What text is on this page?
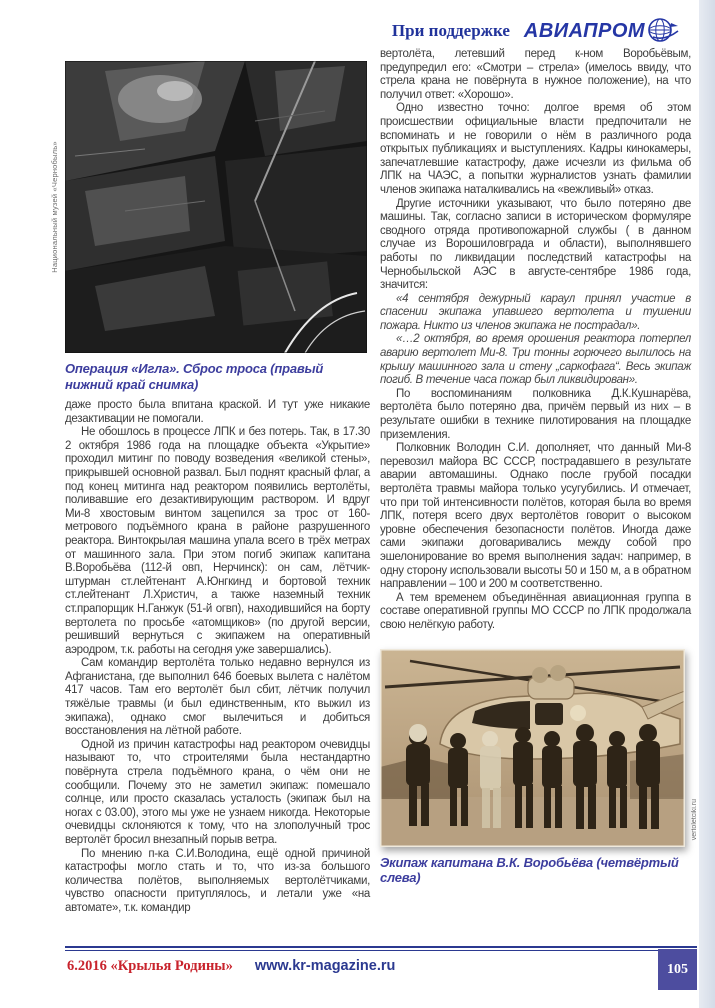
При поддержке АВИАПРОМ
Национальный музей «Чернобыль»

Операция «Игла». Сброс троса (правый нижний край снимка)

даже просто была впитана краской. И тут уже никакие дезактивации не помогали.

Не обошлось в процессе ЛПК и без потерь. Так, в 17.30 2 октября 1986 года на площадке объекта «Укрытие» проходил митинг по поводу возведения «великой стены», прикрывшей основной развал. Был поднят красный флаг, а под конец митинга над реактором появились вертолёты, поливавшие его дезактивирующим раствором. И вдруг Ми-8 хвостовым винтом зацепился за трос от 160- метрового подъёмного крана в районе разрушенного реактора. Винтокрылая машина упала всего в трёх метрах от машинного зала. При этом погиб экипаж капитана В.Воробьёва (112-й овп, Нерчинск): он сам, лётчик-штурман ст.лейтенант А.Юнгкинд и бортовой техник ст.лейтенант Л.Христич, а также наземный техник ст.прапорщик Н.Ганжук (51-й огвп), находившийся на борту вертолета по просьбе «атомщиков» (по другой версии, решивший вернуться с экипажем на оперативный аэродром, т.к. работы на сегодня уже завершались).

Сам командир вертолёта только недавно вернулся из Афганистана, где выполнил 646 боевых вылета с налётом 417 часов. Там его вертолёт был сбит, лётчик получил тяжёлые травмы (и был единственным, кто выжил из экипажа), однако смог вылечиться и добиться восстановления на лётной работе.

Одной из причин катастрофы над реактором очевидцы называют то, что строителями была нестандартно повёрнута стрела подъёмного крана, о чём они не сообщили. Почему это не заметил экипаж: помешало солнце, или просто сказалась усталость (экипаж был на ногах с 03.00), этого мы уже не узнаем никогда. Некоторые очевидцы склоняются к тому, что на злополучный трос вертолёт бросил внезапный порыв ветра.

По мнению п-ка С.И.Володина, ещё одной причиной катастрофы могло стать и то, что из-за большого количества полётов, выполняемых вертолётчиками, чувство опасности притуплялось, и летали уже «на автомате», т.к. командир

вертолёта, летевший перед к-ном Воробьёвым, предупредил его: «Смотри – стрела» (имелось ввиду, что стрела крана не повёрнута в нужное положение), на что получил ответ: «Хорошо».

Одно известно точно: долгое время об этом происшествии официальные власти предпочитали не вспоминать и не говорили о нём в различного рода открытых публикациях и выступлениях. Кадры кинокамеры, запечатлевшие катастрофу, даже исчезли из фильма об ЛПК на ЧАЭС, а попытки журналистов узнать фамилии членов экипажа наталкивались на «вежливый» отказ.

Другие источники указывают, что было потеряно две машины. Так, согласно записи в историческом формуляре сводного отряда противопожарной службы ( в данном случае из Ворошиловграда и области), выполнявшего работы по ликвидации последствий катастрофы на Чернобыльской АЭС в августе-сентябре 1986 года, значится:

«4 сентября дежурный караул принял участие в спасении экипажа упавшего вертолета и тушении пожара. Никто из членов экипажа не пострадал».

«…2 октября, во время орошения реактора потерпел аварию вертолет Ми-8. Три тонны горючего вылилось на крышу машинного зала и стену „саркофага“. Весь экипаж погиб. В течение часа пожар был ликвидирован».

По воспоминаниям полковника Д.К.Кушнарёва, вертолёта было потеряно два, причём первый из них – в результате ошибки в технике пилотирования на площадке приземления.

Полковник Володин С.И. дополняет, что данный Ми-8 перевозил майора ВС СССР, пострадавшего в результате аварии автомашины. Однако после грубой посадки вертолёта травмы майора только усугубились. И отмечает, что при той интенсивности полётов, которая была во время ЛПК, потеря всего двух вертолётов говорит о высоком уровне обеспечения безопасности полётов. Иногда даже сами экипажи договаривались между собой про эшелонирование во время выполнения задач: например, в одну сторону использовали высоты 50 и 150 м, а в обратном направлении – 100 и 200 м соответственно.

А тем временем объединённая авиационная группа в составе оперативной группы МО СССР по ЛПК продолжала свою нелёгкую работу.

vertoletciki.ru

Экипаж капитана В.К. Воробьёва (четвёртый слева)

6.2016 «Крылья Родины» www.kr-magazine.ru	105
